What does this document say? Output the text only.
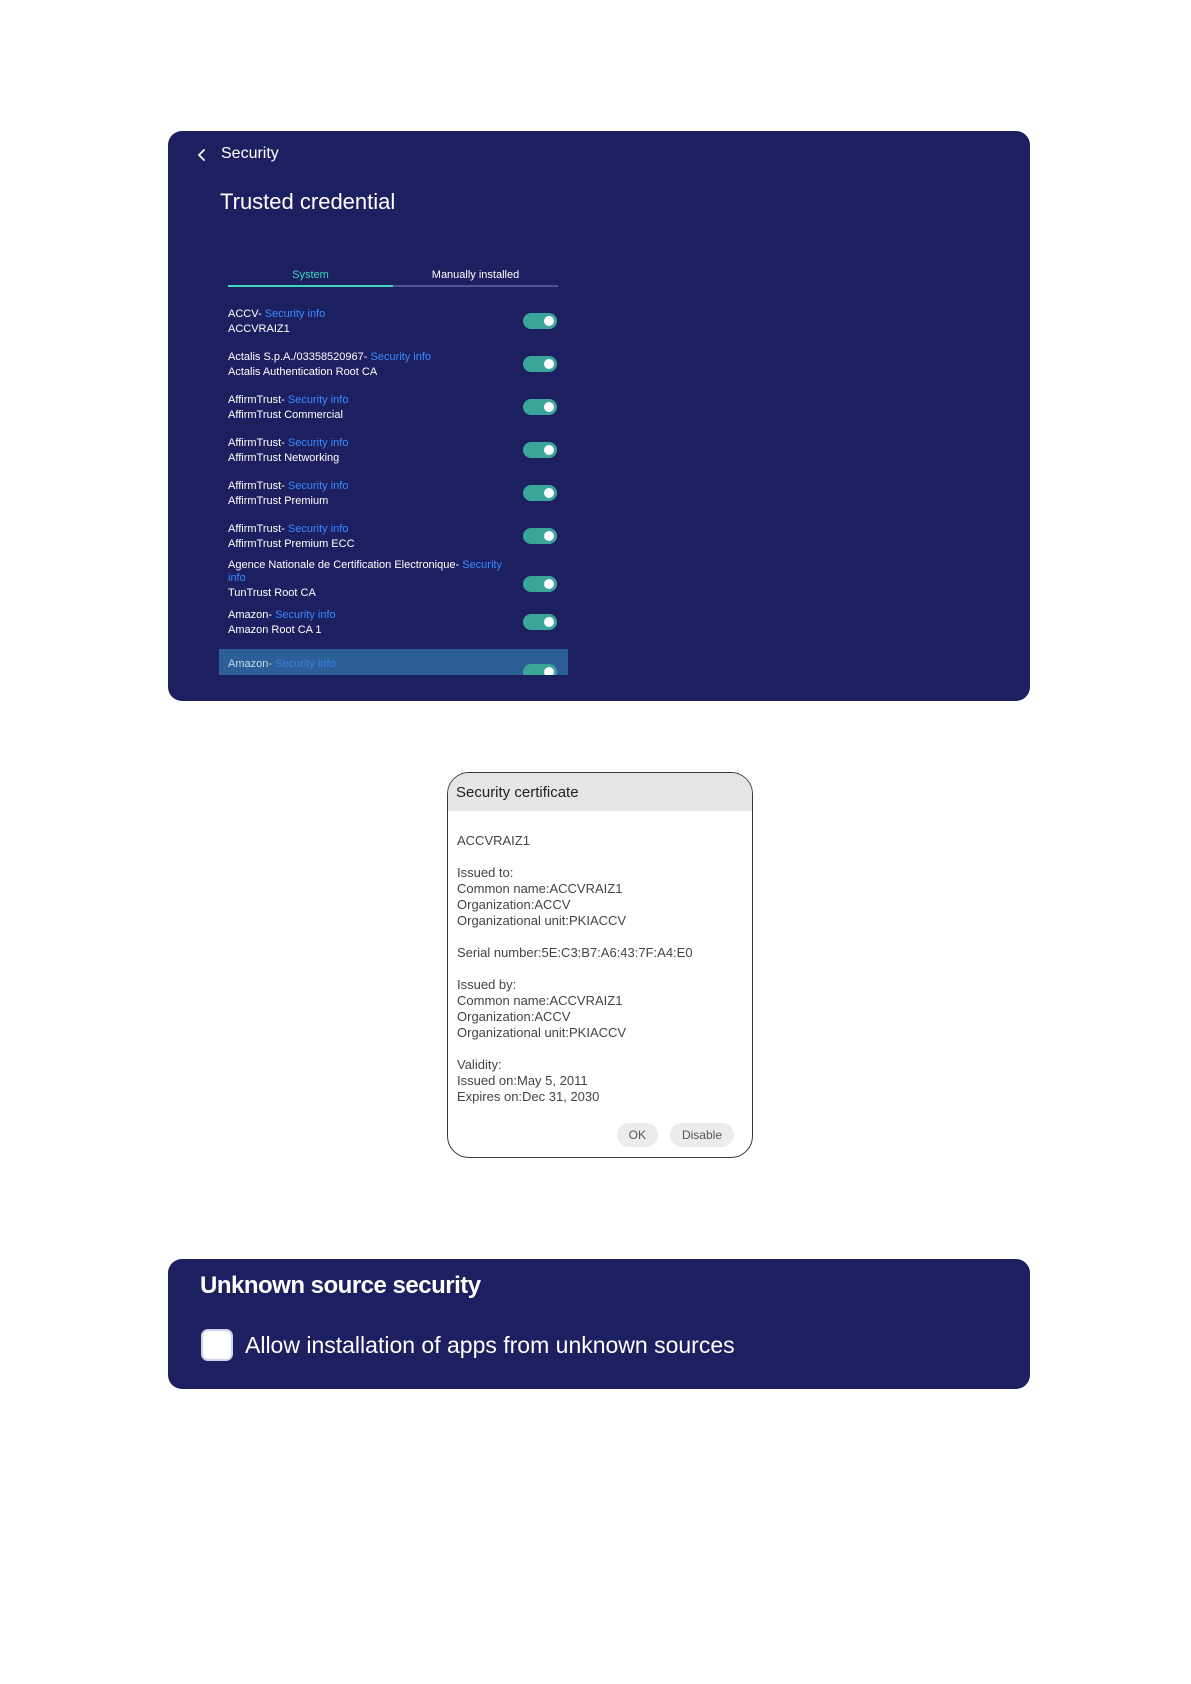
Security
Trusted credential
System	Manually installed
ACCV- Security info
ACCVRAIZ1
Actalis S.p.A./03358520967- Security info
Actalis Authentication Root CA
AffirmTrust- Security info
AffirmTrust Commercial
AffirmTrust- Security info
AffirmTrust Networking
AffirmTrust- Security info
AffirmTrust Premium
AffirmTrust- Security info
AffirmTrust Premium ECC
Agence Nationale de Certification Electronique- Security info
TunTrust Root CA
Amazon- Security info
Amazon Root CA 1
Amazon- Security info
Security certificate
ACCVRAIZ1
Issued to:
Common name:ACCVRAIZ1
Organization:ACCV
Organizational unit:PKIACCV
Serial number:5E:C3:B7:A6:43:7F:A4:E0
Issued by:
Common name:ACCVRAIZ1
Organization:ACCV
Organizational unit:PKIACCV
Validity:
Issued on:May 5, 2011
Expires on:Dec 31, 2030
OK	Disable
Unknown source security
Allow installation of apps from unknown sources
